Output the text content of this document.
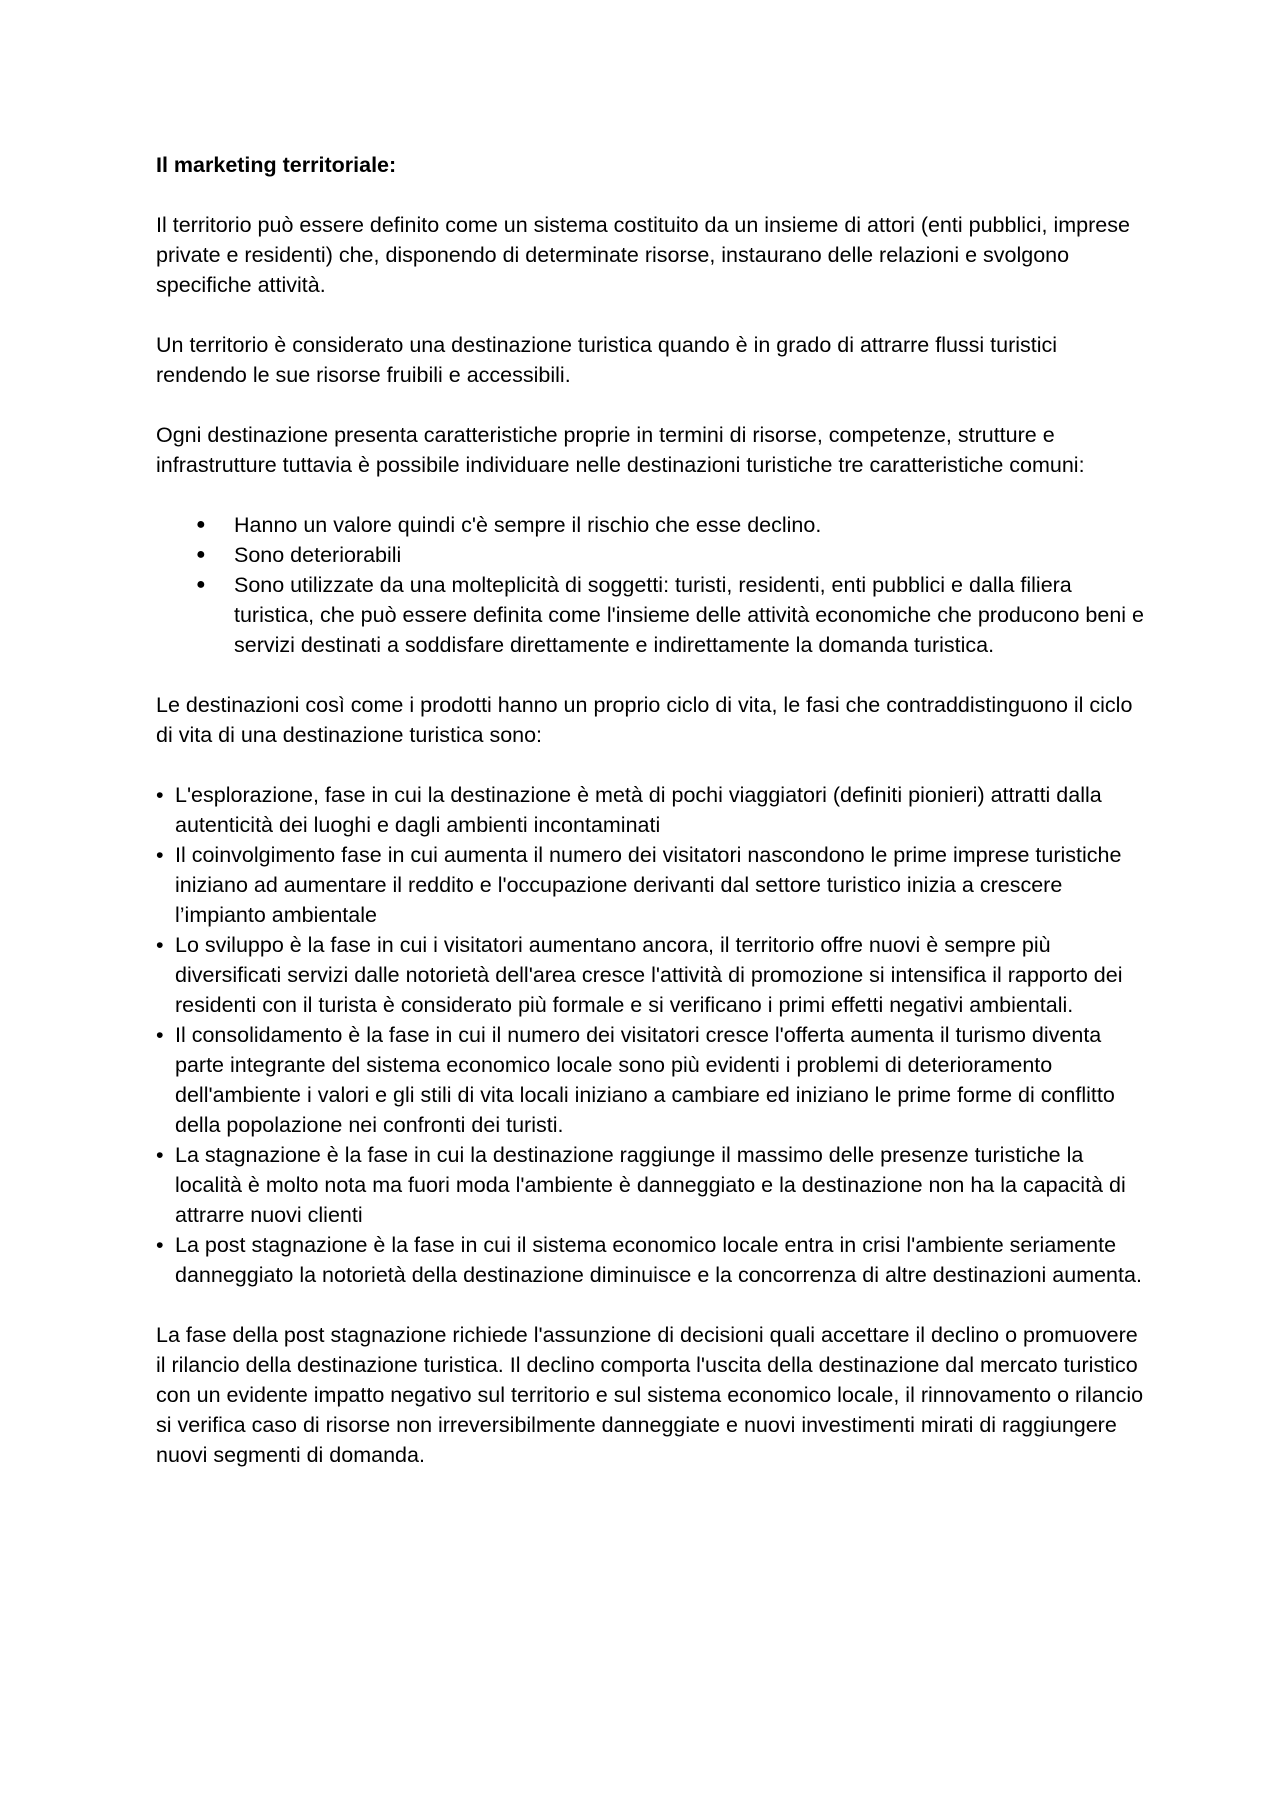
Il marketing territoriale:

Il territorio può essere definito come un sistema costituito da un insieme di attori (enti pubblici, imprese private e residenti) che, disponendo di determinate risorse, instaurano delle relazioni e svolgono specifiche attività.

Un territorio è considerato una destinazione turistica quando è in grado di attrarre flussi turistici rendendo le sue risorse fruibili e accessibili.

Ogni destinazione presenta caratteristiche proprie in termini di risorse, competenze, strutture e infrastrutture tuttavia è possibile individuare nelle destinazioni turistiche tre caratteristiche comuni:

● Hanno un valore quindi c'è sempre il rischio che esse declino.
● Sono deteriorabili
● Sono utilizzate da una molteplicità di soggetti: turisti, residenti, enti pubblici e dalla filiera turistica, che può essere definita come l'insieme delle attività economiche che producono beni e servizi destinati a soddisfare direttamente e indirettamente la domanda turistica.

Le destinazioni così come i prodotti hanno un proprio ciclo di vita, le fasi che contraddistinguono il ciclo di vita di una destinazione turistica sono:

• L'esplorazione, fase in cui la destinazione è metà di pochi viaggiatori (definiti pionieri) attratti dalla autenticità dei luoghi e dagli ambienti incontaminati
• Il coinvolgimento fase in cui aumenta il numero dei visitatori nascondono le prime imprese turistiche iniziano ad aumentare il reddito e l'occupazione derivanti dal settore turistico inizia a crescere l’impianto ambientale
• Lo sviluppo è la fase in cui i visitatori aumentano ancora, il territorio offre nuovi è sempre più diversificati servizi dalle notorietà dell'area cresce l'attività di promozione si intensifica il rapporto dei residenti con il turista è considerato più formale e si verificano i primi effetti negativi ambientali.
• Il consolidamento è la fase in cui il numero dei visitatori cresce l'offerta aumenta il turismo diventa parte integrante del sistema economico locale sono più evidenti i problemi di deterioramento dell'ambiente i valori e gli stili di vita locali iniziano a cambiare ed iniziano le prime forme di conflitto della popolazione nei confronti dei turisti.
• La stagnazione è la fase in cui la destinazione raggiunge il massimo delle presenze turistiche la località è molto nota ma fuori moda l'ambiente è danneggiato e la destinazione non ha la capacità di attrarre nuovi clienti
• La post stagnazione è la fase in cui il sistema economico locale entra in crisi l'ambiente seriamente danneggiato la notorietà della destinazione diminuisce e la concorrenza di altre destinazioni aumenta.

La fase della post stagnazione richiede l'assunzione di decisioni quali accettare il declino o promuovere il rilancio della destinazione turistica. Il declino comporta l'uscita della destinazione dal mercato turistico con un evidente impatto negativo sul territorio e sul sistema economico locale, il rinnovamento o rilancio si verifica caso di risorse non irreversibilmente danneggiate e nuovi investimenti mirati di raggiungere nuovi segmenti di domanda.
